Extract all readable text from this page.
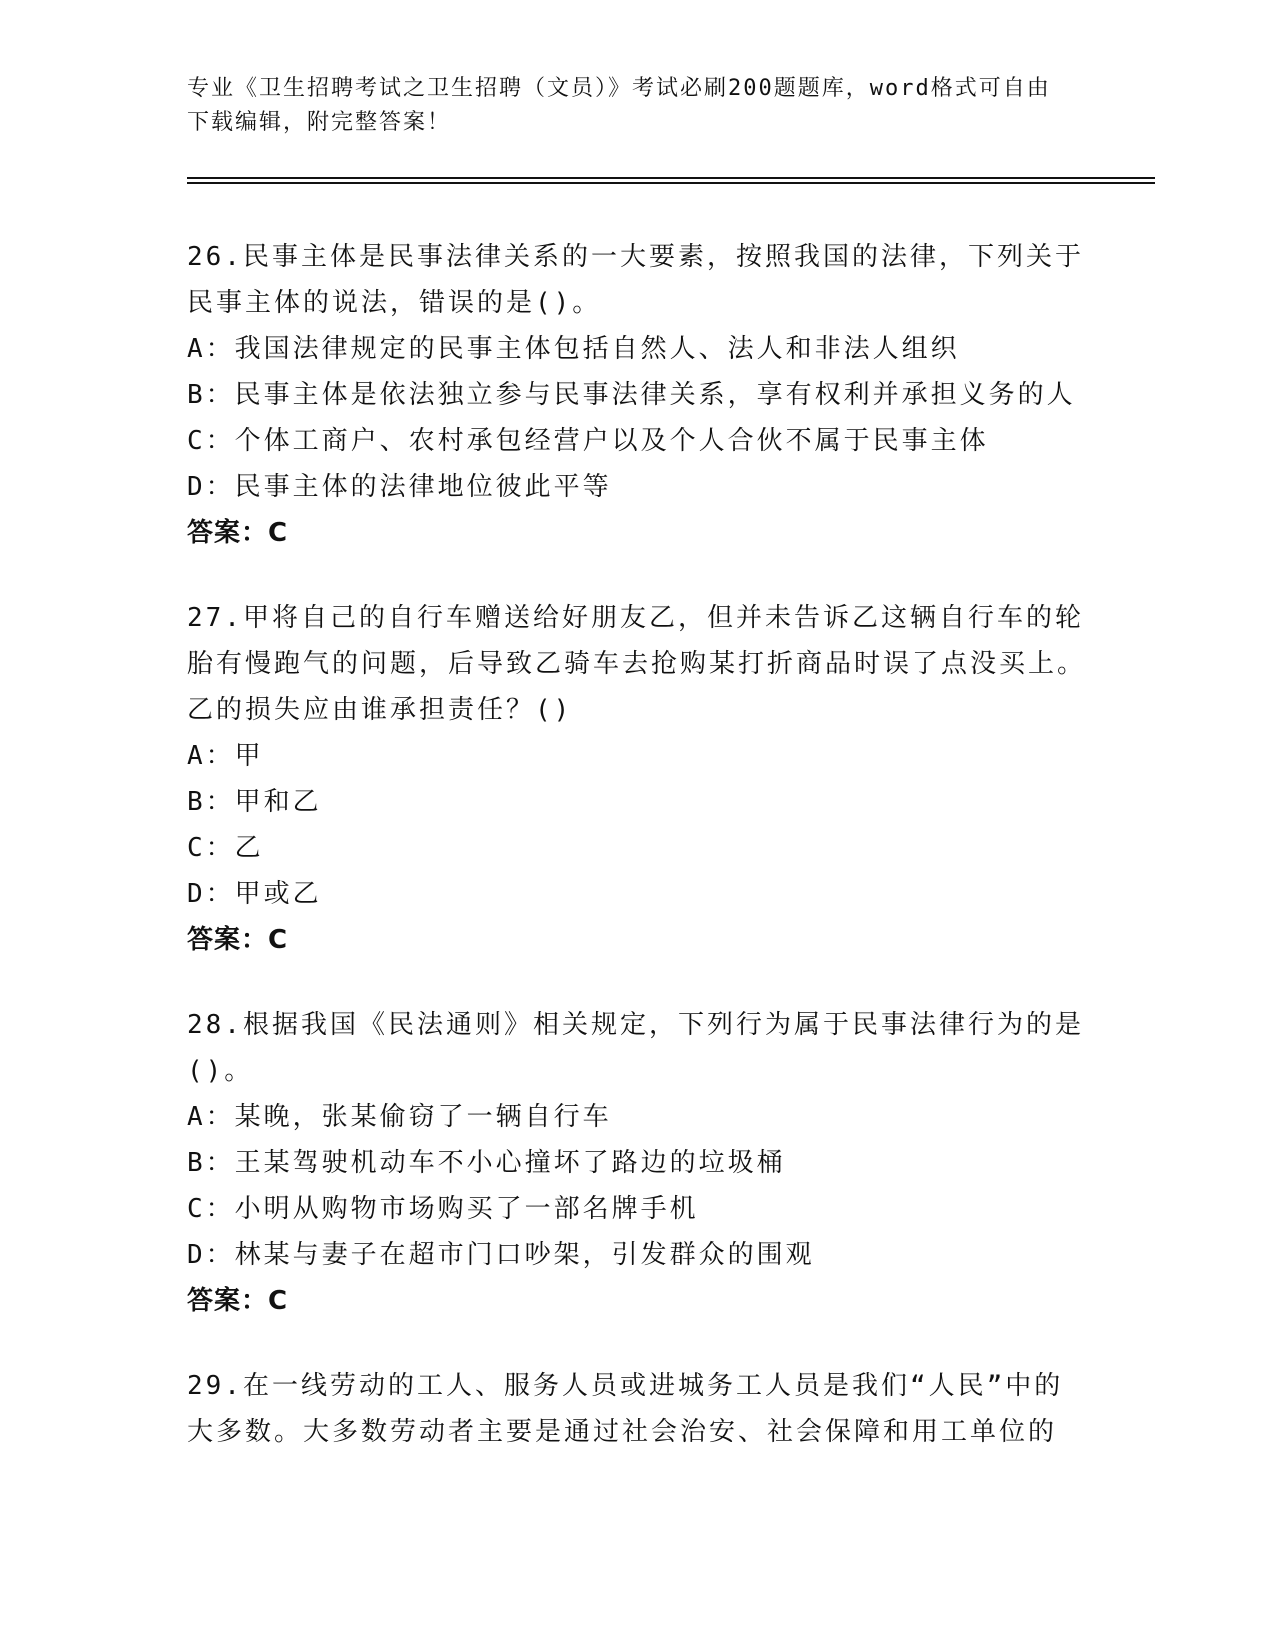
专业《卫生招聘考试之卫生招聘（文员）》考试必刷200题题库，word格式可自由下载编辑，附完整答案！

26.民事主体是民事法律关系的一大要素，按照我国的法律，下列关于民事主体的说法，错误的是()。

A：我国法律规定的民事主体包括自然人、法人和非法人组织

B：民事主体是依法独立参与民事法律关系，享有权利并承担义务的人

C：个体工商户、农村承包经营户以及个人合伙不属于民事主体

D：民事主体的法律地位彼此平等

答案：C

27.甲将自己的自行车赠送给好朋友乙，但并未告诉乙这辆自行车的轮胎有慢跑气的问题，后导致乙骑车去抢购某打折商品时误了点没买上。乙的损失应由谁承担责任？()

A：甲

B：甲和乙

C：乙

D：甲或乙

答案：C

28.根据我国《民法通则》相关规定，下列行为属于民事法律行为的是()。

A：某晚，张某偷窃了一辆自行车

B：王某驾驶机动车不小心撞坏了路边的垃圾桶

C：小明从购物市场购买了一部名牌手机

D：林某与妻子在超市门口吵架，引发群众的围观

答案：C

29.在一线劳动的工人、服务人员或进城务工人员是我们“人民”中的大多数。大多数劳动者主要是通过社会治安、社会保障和用工单位的
